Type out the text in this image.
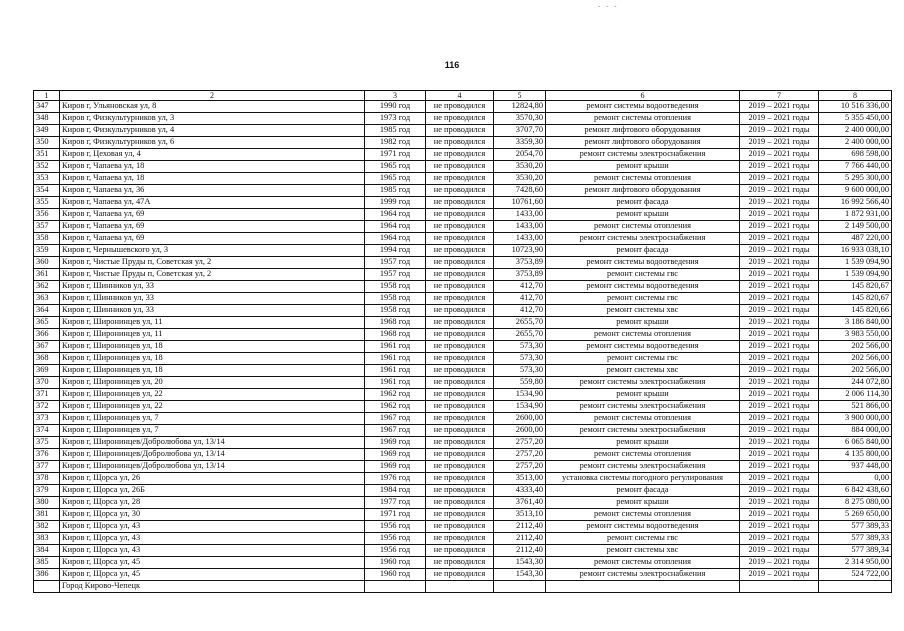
- - -
116
1	2	3	4	5	6	7	8
347	Киров г, Ульяновская ул, 8	1990 год	не проводился	12824,80	ремонт системы водоотведения	2019 – 2021 годы	10 516 336,00
348	Киров г, Физкультурников ул, 3	1973 год	не проводился	3570,30	ремонт системы отопления	2019 – 2021 годы	5 355 450,00
349	Киров г, Физкультурников ул, 4	1985 год	не проводился	3707,70	ремонт лифтового оборудования	2019 – 2021 годы	2 400 000,00
350	Киров г, Физкультурников ул, 6	1982 год	не проводился	3359,30	ремонт лифтового оборудования	2019 – 2021 годы	2 400 000,00
351	Киров г, Цеховая ул, 4	1971 год	не проводился	2054,70	ремонт системы электроснабжения	2019 – 2021 годы	698 598,00
352	Киров г, Чапаева ул, 18	1965 год	не проводился	3530,20	ремонт крыши	2019 – 2021 годы	7 766 440,00
353	Киров г, Чапаева ул, 18	1965 год	не проводился	3530,20	ремонт системы отопления	2019 – 2021 годы	5 295 300,00
354	Киров г, Чапаева ул, 36	1985 год	не проводился	7428,60	ремонт лифтового оборудования	2019 – 2021 годы	9 600 000,00
355	Киров г, Чапаева ул, 47А	1999 год	не проводился	10761,60	ремонт фасада	2019 – 2021 годы	16 992 566,40
356	Киров г, Чапаева ул, 69	1964 год	не проводился	1433,00	ремонт крыши	2019 – 2021 годы	1 872 931,00
357	Киров г, Чапаева ул, 69	1964 год	не проводился	1433,00	ремонт системы отопления	2019 – 2021 годы	2 149 500,00
358	Киров г, Чапаева ул, 69	1964 год	не проводился	1433,00	ремонт системы электроснабжения	2019 – 2021 годы	487 220,00
359	Киров г, Чернышевского ул, 3	1994 год	не проводился	10723,90	ремонт фасада	2019 – 2021 годы	16 933 038,10
360	Киров г, Чистые Пруды п, Советская ул, 2	1957 год	не проводился	3753,89	ремонт системы водоотведения	2019 – 2021 годы	1 539 094,90
361	Киров г, Чистые Пруды п, Советская ул, 2	1957 год	не проводился	3753,89	ремонт системы гвс	2019 – 2021 годы	1 539 094,90
362	Киров г, Шинников ул, 33	1958 год	не проводился	412,70	ремонт системы водоотведения	2019 – 2021 годы	145 820,67
363	Киров г, Шинников ул, 33	1958 год	не проводился	412,70	ремонт системы гвс	2019 – 2021 годы	145 820,67
364	Киров г, Шинников ул, 33	1958 год	не проводился	412,70	ремонт системы хвс	2019 – 2021 годы	145 820,66
365	Киров г, Широнинцев ул, 11	1968 год	не проводился	2655,70	ремонт крыши	2019 – 2021 годы	3 186 840,00
366	Киров г, Широнинцев ул, 11	1968 год	не проводился	2655,70	ремонт системы отопления	2019 – 2021 годы	3 983 550,00
367	Киров г, Широнинцев ул, 18	1961 год	не проводился	573,30	ремонт системы водоотведения	2019 – 2021 годы	202 566,00
368	Киров г, Широнинцев ул, 18	1961 год	не проводился	573,30	ремонт системы гвс	2019 – 2021 годы	202 566,00
369	Киров г, Широнинцев ул, 18	1961 год	не проводился	573,30	ремонт системы хвс	2019 – 2021 годы	202 566,00
370	Киров г, Широнинцев ул, 20	1961 год	не проводился	559,80	ремонт системы электроснабжения	2019 – 2021 годы	244 072,80
371	Киров г, Широнинцев ул, 22	1962 год	не проводился	1534,90	ремонт крыши	2019 – 2021 годы	2 006 114,30
372	Киров г, Широнинцев ул, 22	1962 год	не проводился	1534,90	ремонт системы электроснабжения	2019 – 2021 годы	521 866,00
373	Киров г, Широнинцев ул, 7	1967 год	не проводился	2600,00	ремонт системы отопления	2019 – 2021 годы	3 900 000,00
374	Киров г, Широнинцев ул, 7	1967 год	не проводился	2600,00	ремонт системы электроснабжения	2019 – 2021 годы	884 000,00
375	Киров г, Широнинцев/Добролюбова ул, 13/14	1969 год	не проводился	2757,20	ремонт крыши	2019 – 2021 годы	6 065 840,00
376	Киров г, Широнинцев/Добролюбова ул, 13/14	1969 год	не проводился	2757,20	ремонт системы отопления	2019 – 2021 годы	4 135 800,00
377	Киров г, Широнинцев/Добролюбова ул, 13/14	1969 год	не проводился	2757,20	ремонт системы электроснабжения	2019 – 2021 годы	937 448,00
378	Киров г, Щорса ул, 26	1976 год	не проводился	3513,00	установка системы погодного регулирования	2019 – 2021 годы	0,00
379	Киров г, Щорса ул, 26Б	1984 год	не проводился	4333,40	ремонт фасада	2019 – 2021 годы	6 842 438,60
380	Киров г, Щорса ул, 28	1977 год	не проводился	3761,40	ремонт крыши	2019 – 2021 годы	8 275 080,00
381	Киров г, Щорса ул, 30	1971 год	не проводился	3513,10	ремонт системы отопления	2019 – 2021 годы	5 269 650,00
382	Киров г, Щорса ул, 43	1956 год	не проводился	2112,40	ремонт системы водоотведения	2019 – 2021 годы	577 389,33
383	Киров г, Щорса ул, 43	1956 год	не проводился	2112,40	ремонт системы гвс	2019 – 2021 годы	577 389,33
384	Киров г, Щорса ул, 43	1956 год	не проводился	2112,40	ремонт системы хвс	2019 – 2021 годы	577 389,34
385	Киров г, Щорса ул, 45	1960 год	не проводился	1543,30	ремонт системы отопления	2019 – 2021 годы	2 314 950,00
386	Киров г, Щорса ул, 45	1960 год	не проводился	1543,30	ремонт системы электроснабжения	2019 – 2021 годы	524 722,00
	Город Кирово-Чепецк						
